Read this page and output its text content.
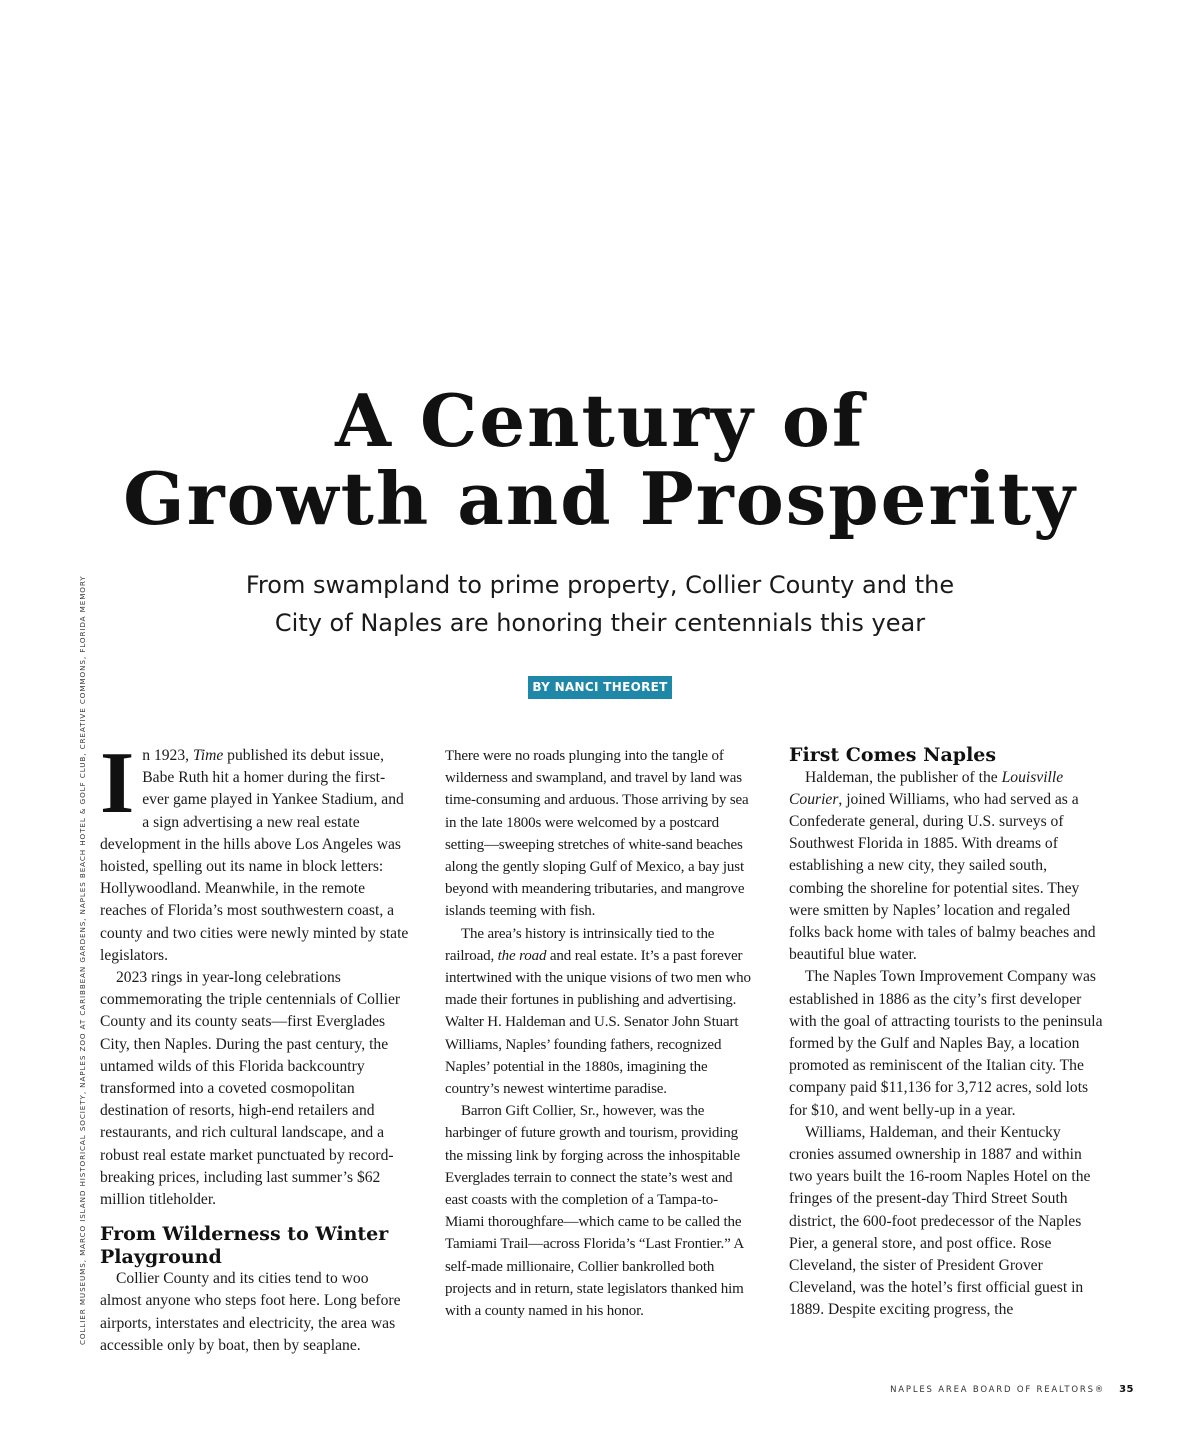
A Century of
Growth and Prosperity
From swampland to prime property, Collier County and the
City of Naples are honoring their centennials this year
BY NANCI THEORET
COLLIER MUSEUMS, MARCO ISLAND HISTORICAL SOCIETY, NAPLES ZOO AT CARIBBEAN GARDENS, NAPLES BEACH HOTEL & GOLF CLUB, CREATIVE COMMONS, FLORIDA MEMORY In 1923, Time published its debut issue, Babe Ruth hit a homer during the first-ever game played in Yankee Stadium, and a sign advertising a new real estate development in the hills above Los Angeles was hoisted, spelling out its name in block letters: Hollywoodland. Meanwhile, in the remote reaches of Florida’s most southwestern coast, a county and two cities were newly minted by state legislators.

2023 rings in year-long celebrations commemorating the triple centennials of Collier County and its county seats—first Everglades City, then Naples. During the past century, the untamed wilds of this Florida backcountry transformed into a coveted cosmopolitan destination of resorts, high-end retailers and restaurants, and rich cultural landscape, and a robust real estate market punctuated by record-breaking prices, including last summer’s $62 million titleholder.

From Wilderness to Winter Playground

Collier County and its cities tend to woo almost anyone who steps foot here. Long before airports, interstates and electricity, the area was accessible only by boat, then by seaplane.

There were no roads plunging into the tangle of wilderness and swampland, and travel by land was time-consuming and arduous. Those arriving by sea in the late 1800s were welcomed by a postcard setting—sweeping stretches of white-sand beaches along the gently sloping Gulf of Mexico, a bay just beyond with meandering tributaries, and mangrove islands teeming with fish.

The area’s history is intrinsically tied to the railroad, the road and real estate. It’s a past forever intertwined with the unique visions of two men who made their fortunes in publishing and advertising. Walter H. Haldeman and U.S. Senator John Stuart Williams, Naples’ founding fathers, recognized Naples’ potential in the 1880s, imagining the country’s newest wintertime paradise.

Barron Gift Collier, Sr., however, was the harbinger of future growth and tourism, providing the missing link by forging across the inhospitable Everglades terrain to connect the state’s west and east coasts with the completion of a Tampa-to-Miami thoroughfare—which came to be called the Tamiami Trail—across Florida’s “Last Frontier.” A self-made millionaire, Collier bankrolled both projects and in return, state legislators thanked him with a county named in his honor.

First Comes Naples

Haldeman, the publisher of the Louisville Courier, joined Williams, who had served as a Confederate general, during U.S. surveys of Southwest Florida in 1885. With dreams of establishing a new city, they sailed south, combing the shoreline for potential sites. They were smitten by Naples’ location and regaled folks back home with tales of balmy beaches and beautiful blue water.

The Naples Town Improvement Company was established in 1886 as the city’s first developer with the goal of attracting tourists to the peninsula formed by the Gulf and Naples Bay, a location promoted as reminiscent of the Italian city. The company paid $11,136 for 3,712 acres, sold lots for $10, and went belly-up in a year.

Williams, Haldeman, and their Kentucky cronies assumed ownership in 1887 and within two years built the 16-room Naples Hotel on the fringes of the present-day Third Street South district, the 600-foot predecessor of the Naples Pier, a general store, and post office. Rose Cleveland, the sister of President Grover Cleveland, was the hotel’s first official guest in 1889. Despite exciting progress, the

NAPLES AREA BOARD OF REALTORS® 35
